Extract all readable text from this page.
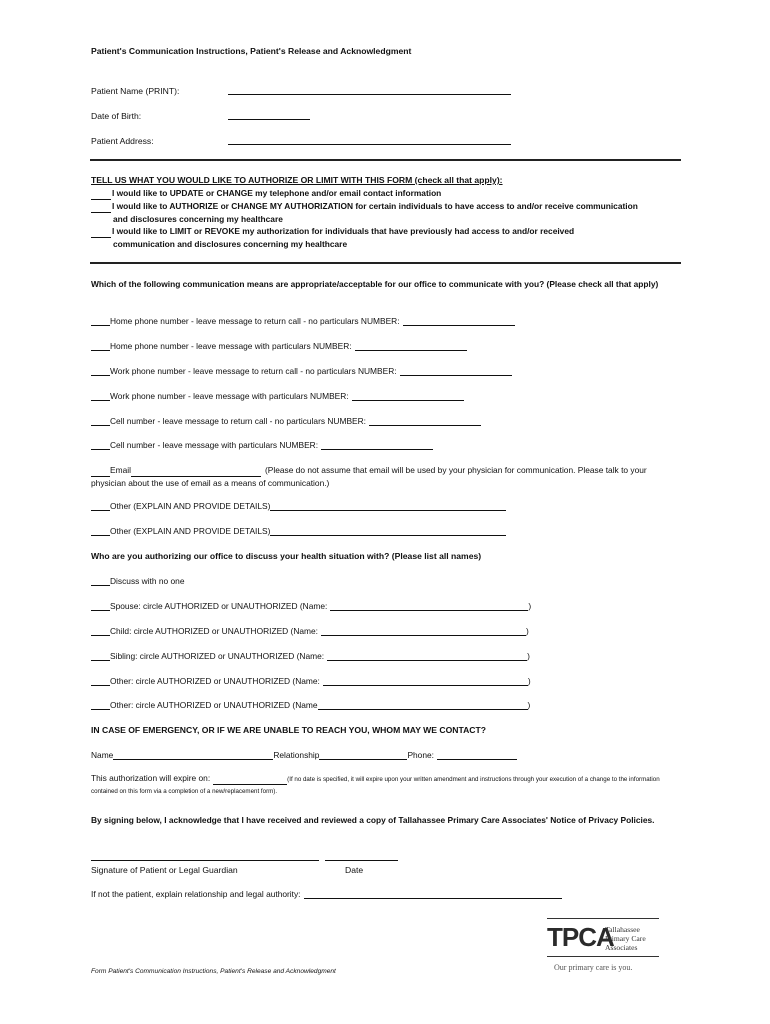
Patient's Communication Instructions, Patient's Release and Acknowledgment
Patient Name (PRINT):
Date of Birth:
Patient Address:
TELL US WHAT YOU WOULD LIKE TO AUTHORIZE OR LIMIT WITH THIS FORM (check all that apply):
I would like to UPDATE or CHANGE my telephone and/or email contact information
I would like to AUTHORIZE or CHANGE MY AUTHORIZATION for certain individuals to have access to and/or receive communication
and disclosures concerning my healthcare
I would like to LIMIT or REVOKE my authorization for individuals that have previously had access to and/or received
communication and disclosures concerning my healthcare
Which of the following communication means are appropriate/acceptable for our office to communicate with you? (Please check all that apply)
Home phone number - leave message to return call - no particulars NUMBER:
Home phone number - leave message with particulars NUMBER:
Work phone number - leave message to return call - no particulars NUMBER:
Work phone number - leave message with particulars NUMBER:
Cell number - leave message to return call - no particulars NUMBER:
Cell number - leave message with particulars NUMBER:
Email	(Please do not assume that email will be used by your physician for communication. Please talk to your physician about the use of email as a means of communication.)
Other (EXPLAIN AND PROVIDE DETAILS)
Other (EXPLAIN AND PROVIDE DETAILS)
Who are you authorizing our office to discuss your health situation with? (Please list all names)
Discuss with no one
Spouse: circle AUTHORIZED or UNAUTHORIZED (Name:	)
Child: circle AUTHORIZED or UNAUTHORIZED (Name:	)
Sibling: circle AUTHORIZED or UNAUTHORIZED (Name:	)
Other: circle AUTHORIZED or UNAUTHORIZED (Name:	)
Other: circle AUTHORIZED or UNAUTHORIZED (Name	)
IN CASE OF EMERGENCY, OR IF WE ARE UNABLE TO REACH YOU, WHOM MAY WE CONTACT?
Name	Relationship	Phone:
This authorization will expire on:	(If no date is specified, it will expire upon your written amendment and instructions through your execution of a change to the information contained on this form via a completion of a new/replacement form).
By signing below, I acknowledge that I have received and reviewed a copy of Tallahassee Primary Care Associates' Notice of Privacy Policies.
Signature of Patient or Legal Guardian	Date
If not the patient, explain relationship and legal authority:
TPCA
Tallahassee
Primary Care
Associates
Our primary care is you.
Form Patient's Communication Instructions, Patient's Release and Acknowledgment
